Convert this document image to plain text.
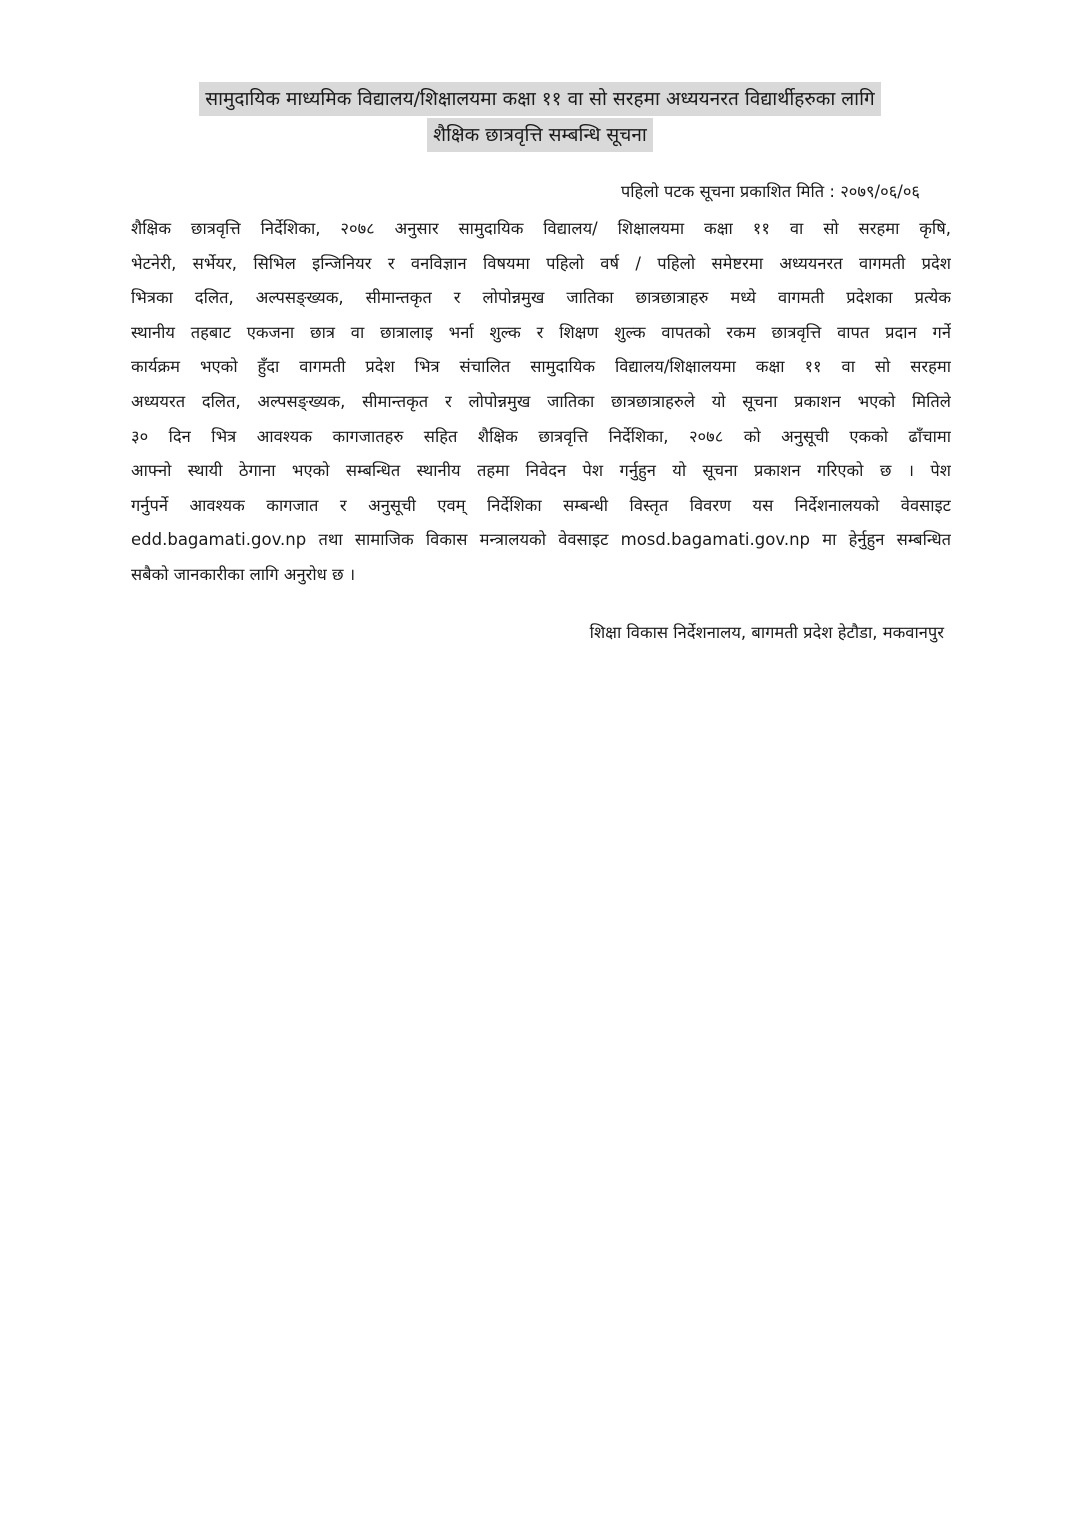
सामुदायिक माध्यमिक विद्यालय/शिक्षालयमा कक्षा ११ वा सो सरहमा अध्ययनरत विद्यार्थीहरुका लागि
शैक्षिक छात्रवृत्ति सम्बन्धि सूचना
पहिलो पटक सूचना प्रकाशित मिति : २०७९/०६/०६
शैक्षिक छात्रवृत्ति निर्देशिका, २०७८ अनुसार सामुदायिक विद्यालय/ शिक्षालयमा कक्षा ११ वा सो सरहमा कृषि,
भेटनेरी, सर्भेयर, सिभिल इन्जिनियर र वनविज्ञान विषयमा पहिलो वर्ष / पहिलो समेष्टरमा अध्ययनरत वागमती प्रदेश
भित्रका दलित, अल्पसङ्ख्यक, सीमान्तकृत र लोपोन्नमुख जातिका छात्रछात्राहरु मध्ये वागमती प्रदेशका प्रत्येक
स्थानीय तहबाट एकजना छात्र वा छात्रालाइ भर्ना शुल्क र शिक्षण शुल्क वापतको रकम छात्रवृत्ति वापत प्रदान गर्ने
कार्यक्रम भएको हुँदा वागमती प्रदेश भित्र संचालित सामुदायिक विद्यालय/शिक्षालयमा कक्षा ११ वा सो सरहमा
अध्ययरत दलित, अल्पसङ्ख्यक, सीमान्तकृत र लोपोन्नमुख जातिका छात्रछात्राहरुले यो सूचना प्रकाशन भएको मितिले
३० दिन भित्र आवश्यक कागजातहरु सहित शैक्षिक छात्रवृत्ति निर्देशिका, २०७८ को अनुसूची एकको ढाँचामा
आफ्नो स्थायी ठेगाना भएको सम्बन्धित स्थानीय तहमा निवेदन पेश गर्नुहुन यो सूचना प्रकाशन गरिएको छ । पेश
गर्नुपर्ने आवश्यक कागजात र अनुसूची एवम् निर्देशिका सम्बन्धी विस्तृत विवरण यस निर्देशनालयको वेवसाइट
edd.bagamati.gov.np तथा सामाजिक विकास मन्त्रालयको वेवसाइट mosd.bagamati.gov.np मा हेर्नुहुन सम्बन्धित
सबैको जानकारीका लागि अनुरोध छ ।
शिक्षा विकास निर्देशनालय, बागमती प्रदेश हेटौडा, मकवानपुर
